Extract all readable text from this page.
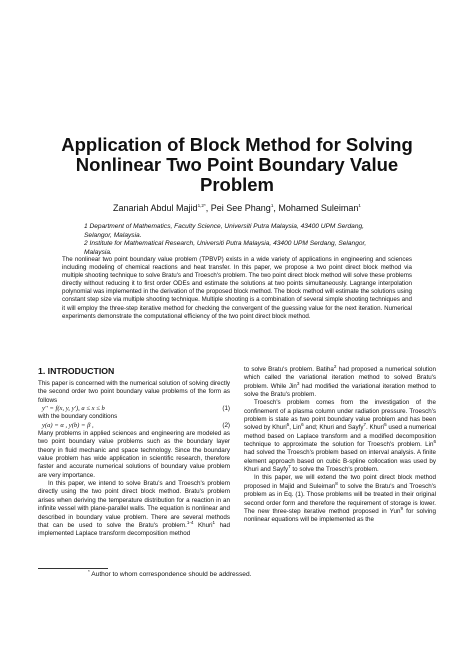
Application of Block Method for Solving
Nonlinear Two Point Boundary Value
Problem
Zanariah Abdul Majid$^{1,2*}$, Pei See Phang$^1$, Mohamed Suleiman$^1$
1 Department of Mathematics, Faculty Science, Universiti Putra Malaysia, 43400 UPM Serdang, Selangor, Malaysia.
2 Institute for Mathematical Research, Universiti Putra Malaysia, 43400 UPM Serdang, Selangor, Malaysia.
The nonlinear two point boundary value problem (TPBVP) exists in a wide variety of applications in engineering and sciences including modeling of chemical reactions and heat transfer. In this paper, we propose a two point direct block method via multiple shooting technique to solve Bratu's and Troesch's problem. The two point direct block method will solve these problems directly without reducing it to first order ODEs and estimate the solutions at two points simultaneously. Lagrange interpolation polynomial was implemented in the derivation of the proposed block method. The block method will estimate the solutions using constant step size via multiple shooting technique. Multiple shooting is a combination of several simple shooting techniques and it will employ the three-step iterative method for checking the convergent of the guessing value for the next iteration. Numerical experiments demonstrate the computational efficiency of the two point direct block method.
1. INTRODUCTION

This paper is concerned with the numerical solution of solving directly the second order two point boundary value problems of the form as follows

y'' = f(x, y, y'), a ≤ x ≤ b	(1)

with the boundary conditions

y(a) = α , y(b) = β ,	(2)

Many problems in applied sciences and engineering are modeled as two point boundary value problems such as the boundary layer theory in fluid mechanic and space technology. Since the boundary value problem has wide application in scientific research, therefore faster and accurate numerical solutions of boundary value problem are very importance.

In this paper, we intend to solve Bratu's and Troesch's problem directly using the two point direct block method. Bratu's problem arises when deriving the temperature distribution for a reaction in an infinite vessel with plane-parallel walls. The equation is nonlinear and described in boundary value problem. There are several methods that can be used to solve the Bratu's problem.$^{1-4}$ Khuri$^1$ had implemented Laplace transform decomposition method

to solve Bratu's problem. Batiha$^2$ had proposed a numerical solution which called the variational iteration method to solved Bratu's problem. While Jin$^3$ had modified the variational iteration method to solve the Bratu's problem.

Troesch's problem comes from the investigation of the confinement of a plasma column under radiation pressure. Troesch's problem is state as two point boundary value problem and has been solved by Khuri$^5$, Lin$^6$ and; Khuri and Sayfy$^7$. Khuri$^5$ used a numerical method based on Laplace transform and a modified decomposition technique to approximate the solution for Troesch's problem. Lin$^6$ had solved the Troesch's problem based on interval analysis. A finite element approach based on cubic B-spline collocation was used by Khuri and Sayfy$^7$ to solve the Troesch's problem.

In this paper, we will extend the two point direct block method proposed in Majid and Suleiman$^8$ to solve the Bratu's and Troesch's problem as in Eq. (1). Those problems will be treated in their original second order form and therefore the requirement of storage is lower. The new three-step iterative method proposed in Yun$^9$ for solving nonlinear equations will be implemented as the

* Author to whom correspondence should be addressed.
